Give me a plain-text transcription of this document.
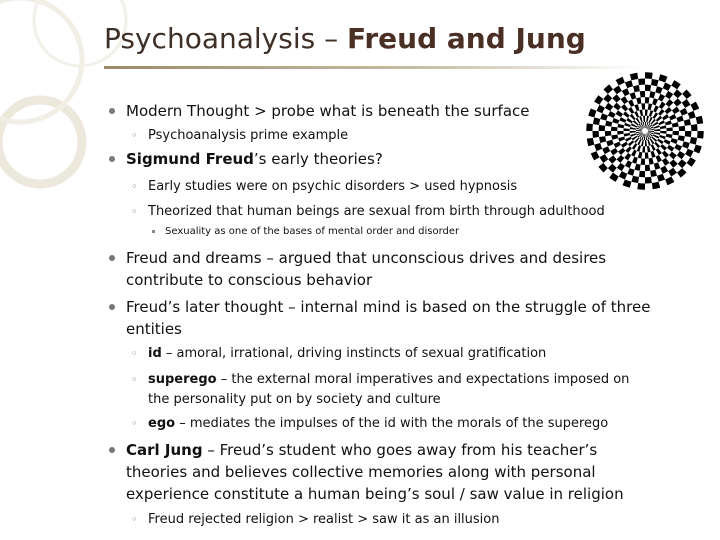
Psychoanalysis – Freud and Jung
Modern Thought > probe what is beneath the surface
◦ Psychoanalysis prime example
Sigmund Freud’s early theories?
◦ Early studies were on psychic disorders > used hypnosis
◦ Theorized that human beings are sexual from birth through adulthood
Sexuality as one of the bases of mental order and disorder
Freud and dreams – argued that unconscious drives and desires
contribute to conscious behavior
Freud’s later thought – internal mind is based on the struggle of three
entities
◦ id – amoral, irrational, driving instincts of sexual gratification
◦ superego – the external moral imperatives and expectations imposed on
the personality put on by society and culture
◦ ego – mediates the impulses of the id with the morals of the superego
Carl Jung – Freud’s student who goes away from his teacher’s
theories and believes collective memories along with personal
experience constitute a human being’s soul / saw value in religion
◦ Freud rejected religion > realist > saw it as an illusion
